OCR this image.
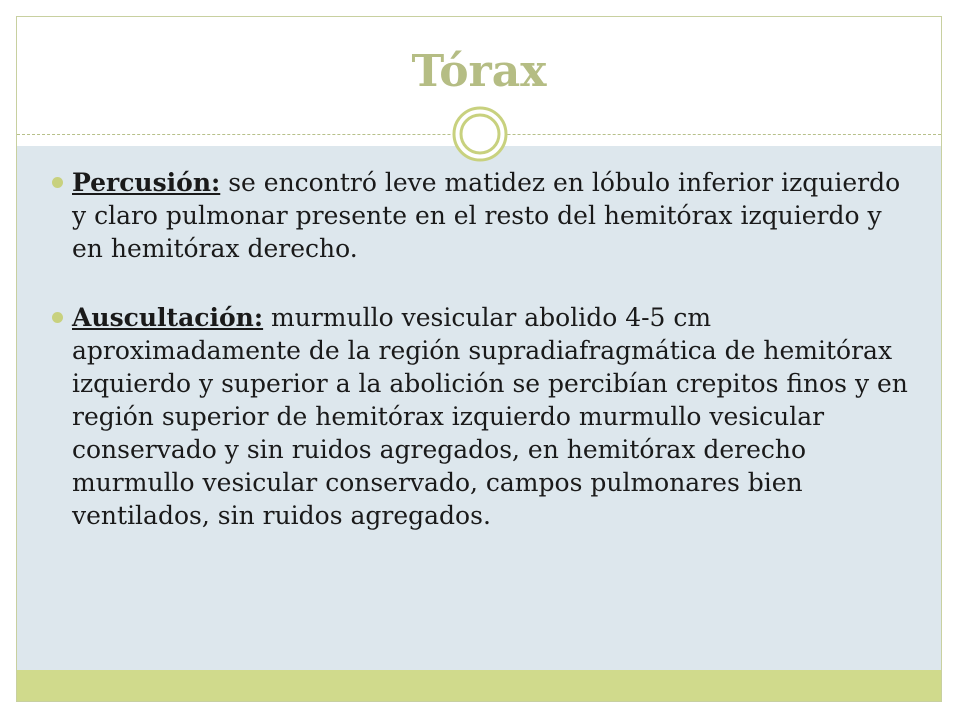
Tórax
Percusión: se encontró leve matidez en lóbulo inferior izquierdo y claro pulmonar presente en el resto del hemitórax izquierdo y en hemitórax derecho.
Auscultación: murmullo vesicular abolido 4-5 cm aproximadamente de la región supradiafragmática de hemitórax izquierdo y superior a la abolición se percibían crepitos finos y en región superior de hemitórax izquierdo murmullo vesicular conservado y sin ruidos agregados, en hemitórax derecho murmullo vesicular conservado, campos pulmonares bien ventilados, sin ruidos agregados.
